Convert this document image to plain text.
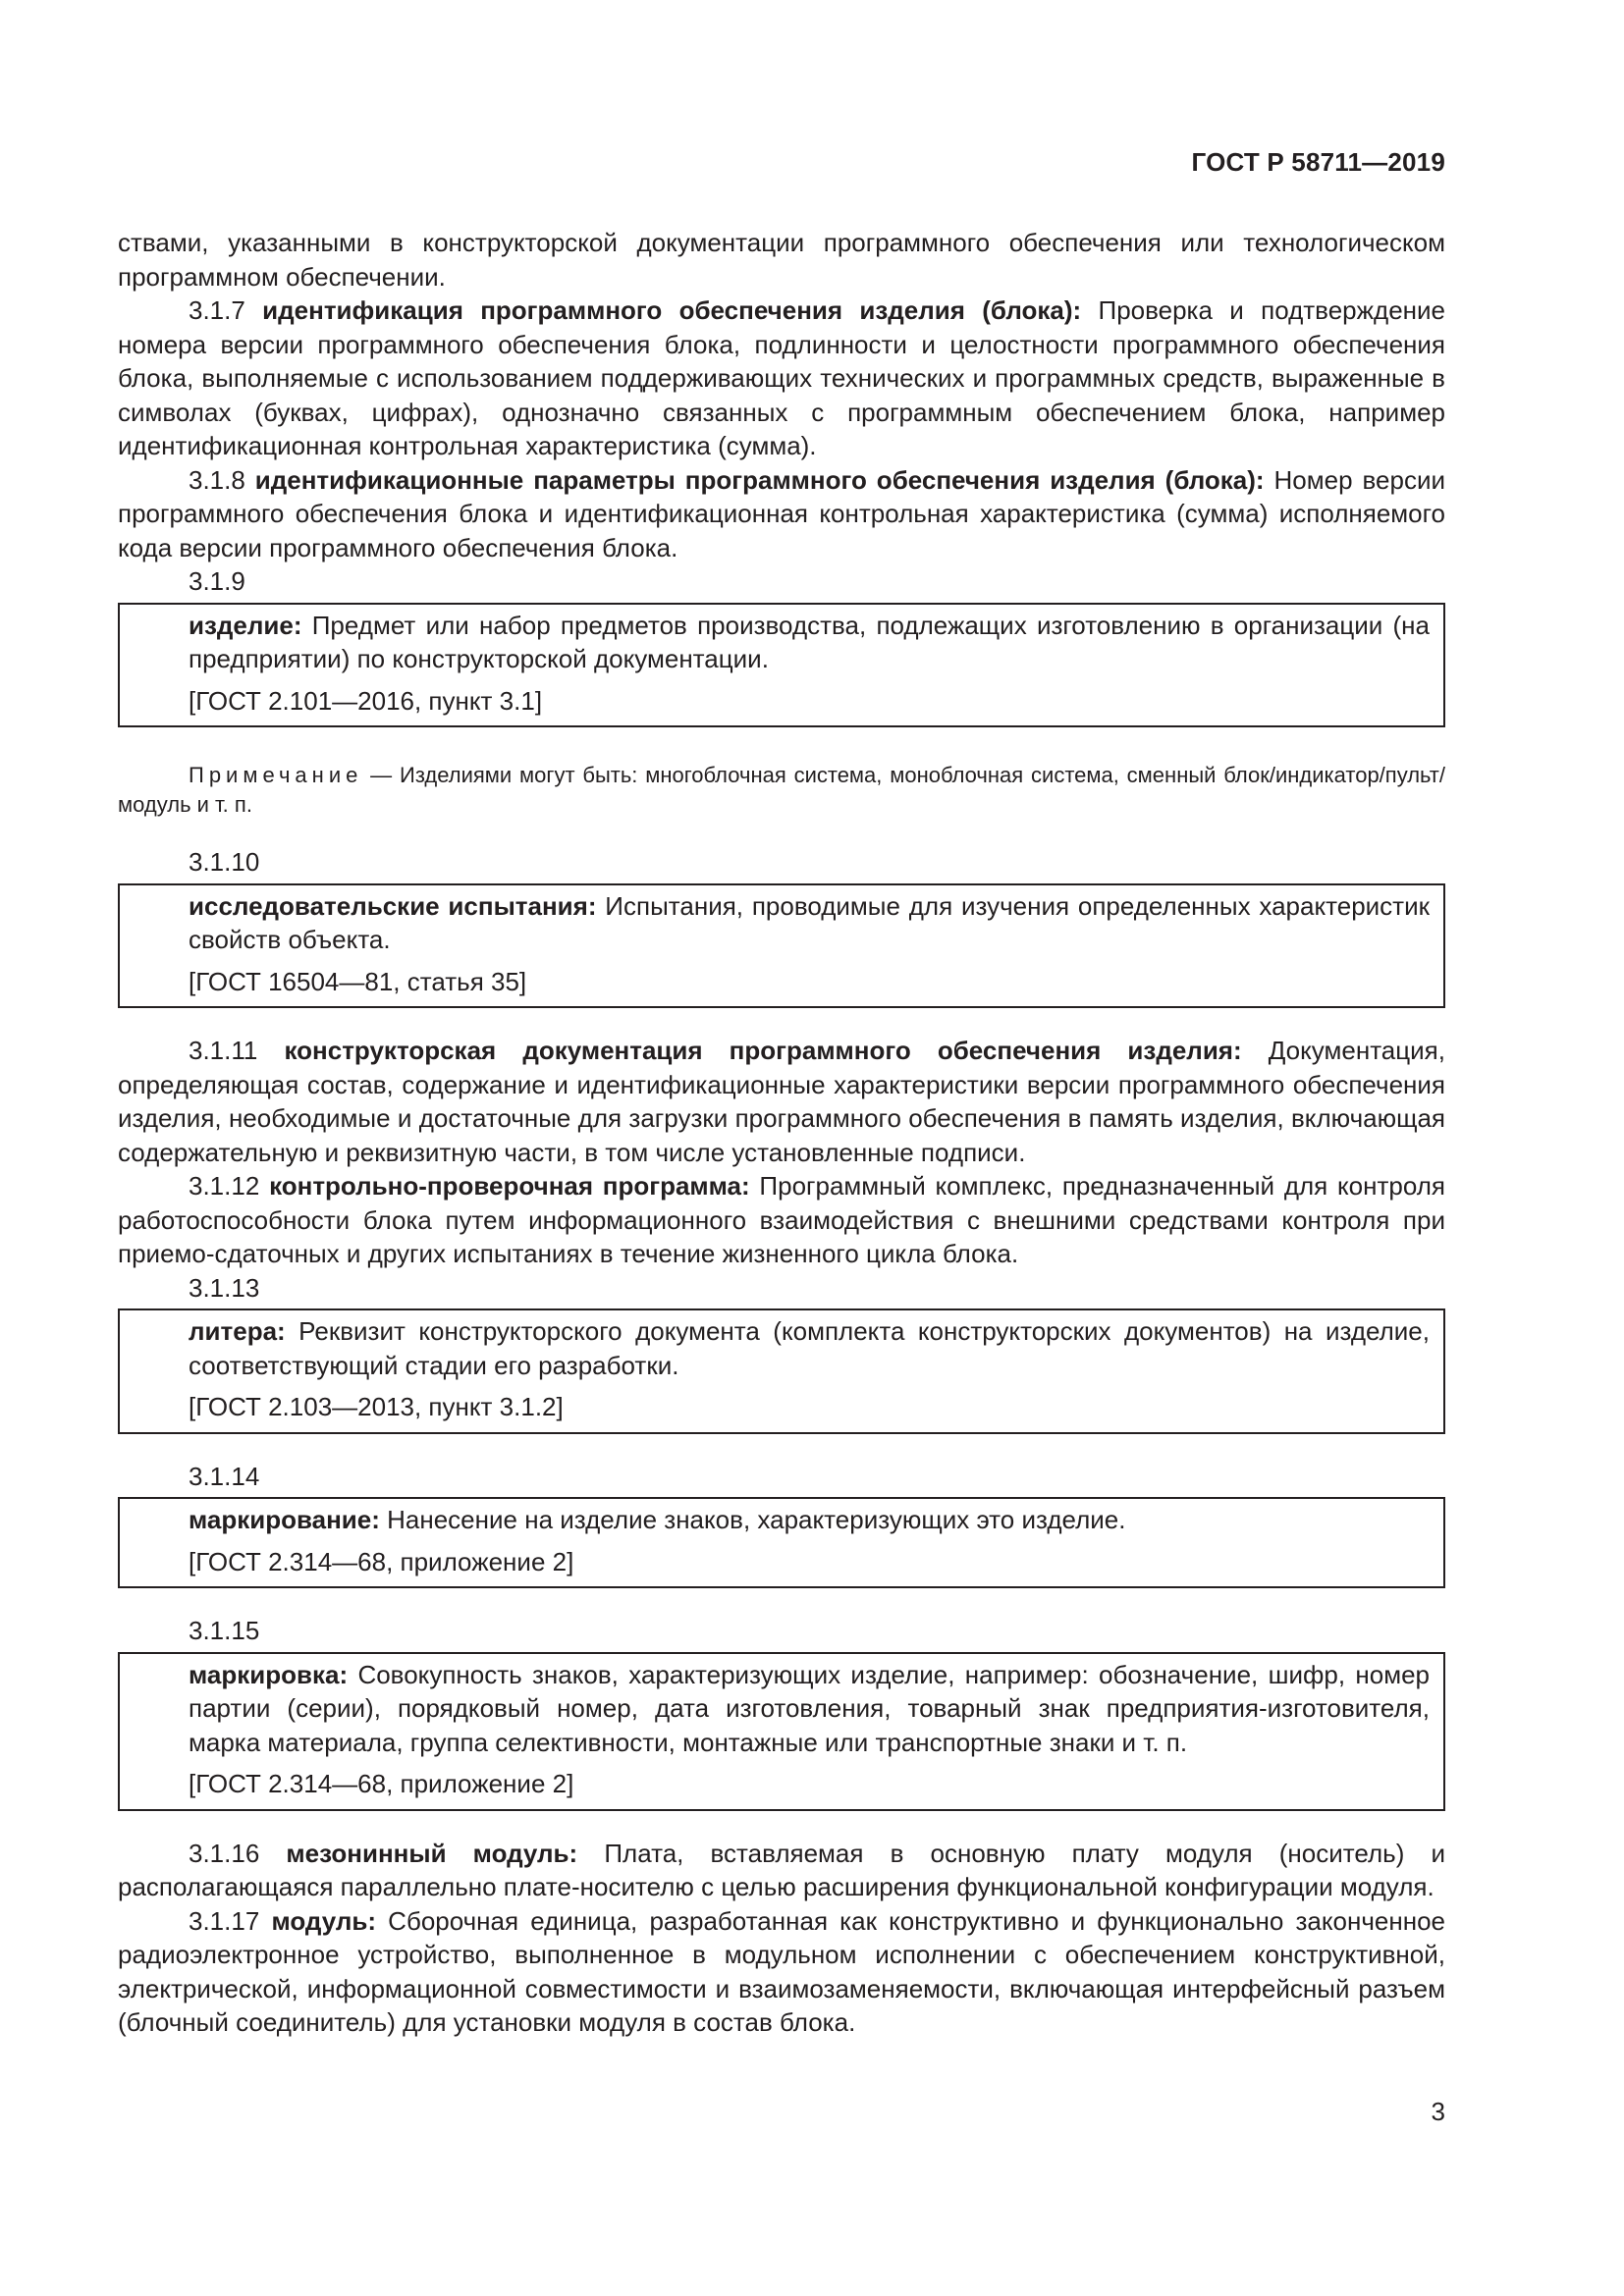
ГОСТ Р 58711—2019

ствами, указанными в конструкторской документации программного обеспечения или технологическом программном обеспечении.

3.1.7 идентификация программного обеспечения изделия (блока): Проверка и подтверждение номера версии программного обеспечения блока, подлинности и целостности программного обеспечения блока, выполняемые с использованием поддерживающих технических и программных средств, выраженные в символах (буквах, цифрах), однозначно связанных с программным обеспечением блока, например идентификационная контрольная характеристика (сумма).

3.1.8 идентификационные параметры программного обеспечения изделия (блока): Номер версии программного обеспечения блока и идентификационная контрольная характеристика (сумма) исполняемого кода версии программного обеспечения блока.

3.1.9

изделие: Предмет или набор предметов производства, подлежащих изготовлению в организации (на предприятии) по конструкторской документации.

[ГОСТ 2.101—2016, пункт 3.1]

Примечание — Изделиями могут быть: многоблочная система, моноблочная система, сменный блок/индикатор/пульт/модуль и т. п.

3.1.10

исследовательские испытания: Испытания, проводимые для изучения определенных характеристик свойств объекта.

[ГОСТ 16504—81, статья 35]

3.1.11 конструкторская документация программного обеспечения изделия: Документация, определяющая состав, содержание и идентификационные характеристики версии программного обеспечения изделия, необходимые и достаточные для загрузки программного обеспечения в память изделия, включающая содержательную и реквизитную части, в том числе установленные подписи.

3.1.12 контрольно-проверочная программа: Программный комплекс, предназначенный для контроля работоспособности блока путем информационного взаимодействия с внешними средствами контроля при приемо-сдаточных и других испытаниях в течение жизненного цикла блока.

3.1.13

литера: Реквизит конструкторского документа (комплекта конструкторских документов) на изделие, соответствующий стадии его разработки.

[ГОСТ 2.103—2013, пункт 3.1.2]

3.1.14

маркирование: Нанесение на изделие знаков, характеризующих это изделие.

[ГОСТ 2.314—68, приложение 2]

3.1.15

маркировка: Совокупность знаков, характеризующих изделие, например: обозначение, шифр, номер партии (серии), порядковый номер, дата изготовления, товарный знак предприятия-изготовителя, марка материала, группа селективности, монтажные или транспортные знаки и т. п.

[ГОСТ 2.314—68, приложение 2]

3.1.16 мезонинный модуль: Плата, вставляемая в основную плату модуля (носитель) и располагающаяся параллельно плате-носителю с целью расширения функциональной конфигурации модуля.

3.1.17 модуль: Сборочная единица, разработанная как конструктивно и функционально законченное радиоэлектронное устройство, выполненное в модульном исполнении с обеспечением конструктивной, электрической, информационной совместимости и взаимозаменяемости, включающая интерфейсный разъем (блочный соединитель) для установки модуля в состав блока.

3
